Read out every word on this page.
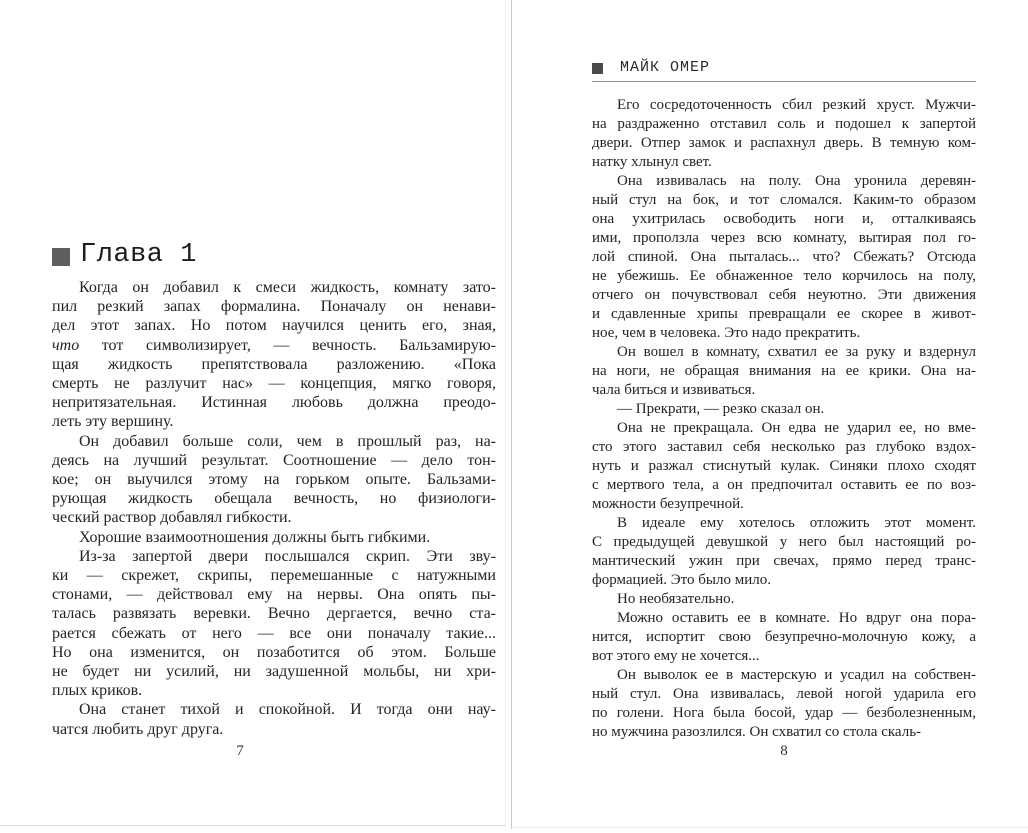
Глава 1
Когда он добавил к смеси жидкость, комнату зато-
пил резкий запах формалина. Поначалу он ненави-
дел этот запах. Но потом научился ценить его, зная,
что тот символизирует, — вечность. Бальзамирую-
щая жидкость препятствовала разложению. «Пока
смерть не разлучит нас» — концепция, мягко говоря,
непритязательная. Истинная любовь должна преодо-
леть эту вершину.
Он добавил больше соли, чем в прошлый раз, на-
деясь на лучший результат. Соотношение — дело тон-
кое; он выучился этому на горьком опыте. Бальзами-
рующая жидкость обещала вечность, но физиологи-
ческий раствор добавлял гибкости.
Хорошие взаимоотношения должны быть гибкими.
Из-за запертой двери послышался скрип. Эти зву-
ки — скрежет, скрипы, перемешанные с натужными
стонами, — действовал ему на нервы. Она опять пы-
талась развязать веревки. Вечно дергается, вечно ста-
рается сбежать от него — все они поначалу такие...
Но она изменится, он позаботится об этом. Больше
не будет ни усилий, ни задушенной мольбы, ни хри-
плых криков.
Она станет тихой и спокойной. И тогда они нау-
чатся любить друг друга.
7
МАЙК ОМЕР
Его сосредоточенность сбил резкий хруст. Мужчи-
на раздраженно отставил соль и подошел к запертой
двери. Отпер замок и распахнул дверь. В темную ком-
натку хлынул свет.
Она извивалась на полу. Она уронила деревян-
ный стул на бок, и тот сломался. Каким-то образом
она ухитрилась освободить ноги и, отталкиваясь
ими, проползла через всю комнату, вытирая пол го-
лой спиной. Она пыталась... что? Сбежать? Отсюда
не убежишь. Ее обнаженное тело корчилось на полу,
отчего он почувствовал себя неуютно. Эти движения
и сдавленные хрипы превращали ее скорее в живот-
ное, чем в человека. Это надо прекратить.
Он вошел в комнату, схватил ее за руку и вздернул
на ноги, не обращая внимания на ее крики. Она на-
чала биться и извиваться.
— Прекрати, — резко сказал он.
Она не прекращала. Он едва не ударил ее, но вме-
сто этого заставил себя несколько раз глубоко вздох-
нуть и разжал стиснутый кулак. Синяки плохо сходят
с мертвого тела, а он предпочитал оставить ее по воз-
можности безупречной.
В идеале ему хотелось отложить этот момент.
С предыдущей девушкой у него был настоящий ро-
мантический ужин при свечах, прямо перед транс-
формацией. Это было мило.
Но необязательно.
Можно оставить ее в комнате. Но вдруг она пора-
нится, испортит свою безупречно-молочную кожу, а
вот этого ему не хочется...
Он выволок ее в мастерскую и усадил на собствен-
ный стул. Она извивалась, левой ногой ударила его
по голени. Нога была босой, удар — безболезненным,
но мужчина разозлился. Он схватил со стола скаль-
8
